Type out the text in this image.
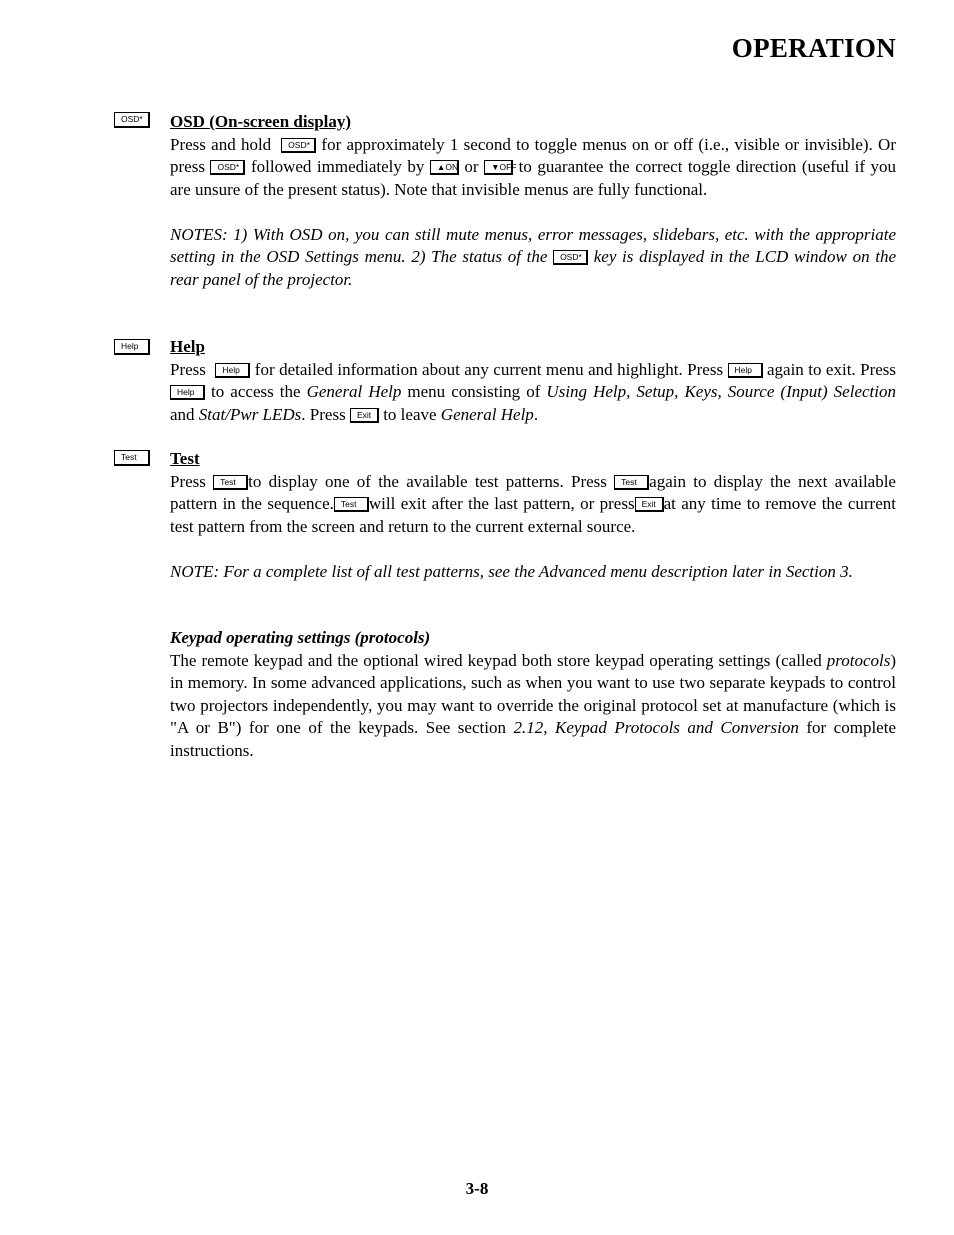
OPERATION
OSD*	OSD (On-screen display)

Press and hold OSD* for approximately 1 second to toggle menus on or off (i.e., visible or invisible). Or press OSD* followed immediately by ▲ON or ▼OFF to guarantee the correct toggle direction (useful if you are unsure of the present status). Note that invisible menus are fully functional.

NOTES: 1) With OSD on, you can still mute menus, error messages, slidebars, etc. with the appropriate setting in the OSD Settings menu. 2) The status of the OSD* key is displayed in the LCD window on the rear panel of the projector.

Help	Help

Press Help for detailed information about any current menu and highlight. Press Help again to exit. Press Help to access the General Help menu consisting of Using Help, Setup, Keys, Source (Input) Selection and Stat/Pwr LEDs. Press Exit to leave General Help.

Test	Test

Press Test to display one of the available test patterns. Press Test again to display the next available pattern in the sequence. Test will exit after the last pattern, or press Exit at any time to remove the current test pattern from the screen and return to the current external source.

NOTE: For a complete list of all test patterns, see the Advanced menu description later in Section 3.

Keypad operating settings (protocols)

The remote keypad and the optional wired keypad both store keypad operating settings (called protocols) in memory. In some advanced applications, such as when you want to use two separate keypads to control two projectors independently, you may want to override the original protocol set at manufacture (which is "A or B") for one of the keypads. See section 2.12, Keypad Protocols and Conversion for complete instructions.

3-8
